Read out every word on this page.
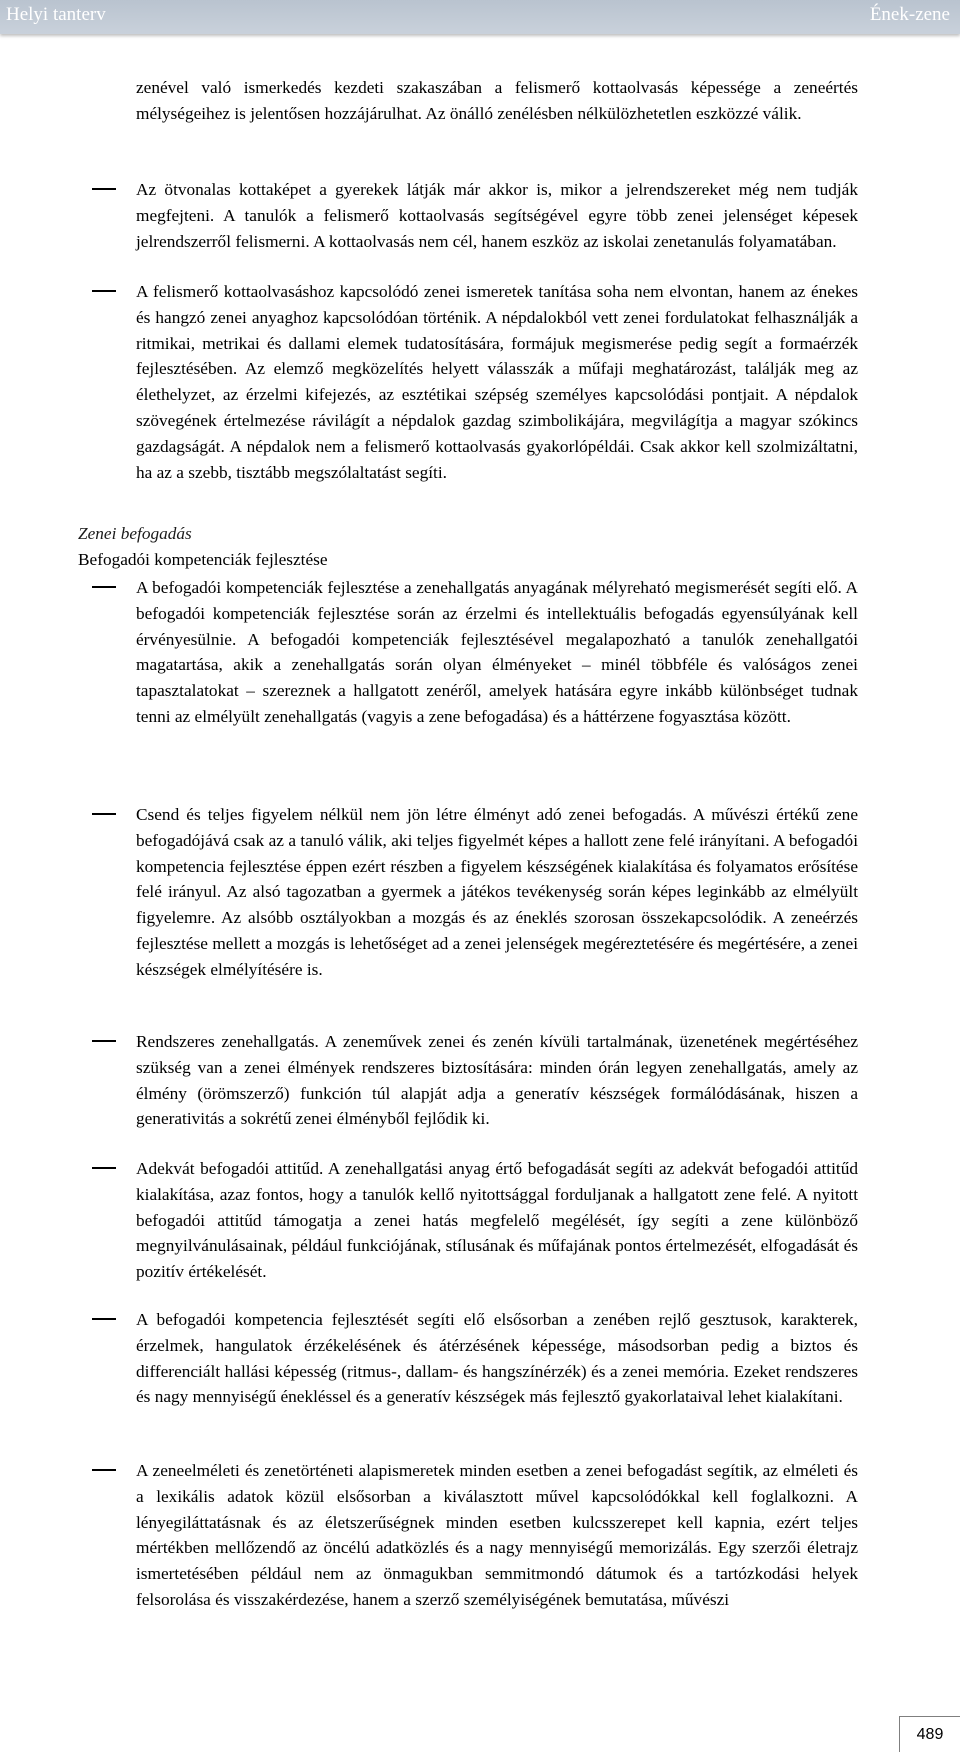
Helyi tanterv	Ének-zene
zenével való ismerkedés kezdeti szakaszában a felismerő kottaolvasás képessége a zeneértés mélységeihez is jelentősen hozzájárulhat. Az önálló zenélésben nélkülözhetetlen eszközzé válik.
Az ötvonalas kottaképet a gyerekek látják már akkor is, mikor a jelrendszereket még nem tudják megfejteni. A tanulók a felismerő kottaolvasás segítségével egyre több zenei jelenséget képesek jelrendszerről felismerni. A kottaolvasás nem cél, hanem eszköz az iskolai zenetanulás folyamatában.
A felismerő kottaolvasáshoz kapcsolódó zenei ismeretek tanítása soha nem elvontan, hanem az énekes és hangzó zenei anyaghoz kapcsolódóan történik. A népdalokból vett zenei fordulatokat felhasználják a ritmikai, metrikai és dallami elemek tudatosítására, formájuk megismerése pedig segít a formaérzék fejlesztésében. Az elemző megközelítés helyett válasszák a műfaji meghatározást, találják meg az élethelyzet, az érzelmi kifejezés, az esztétikai szépség személyes kapcsolódási pontjait. A népdalok szövegének értelmezése rávilágít a népdalok gazdag szimbolikájára, megvilágítja a magyar szókincs gazdagságát. A népdalok nem a felismerő kottaolvasás gyakorlópéldái. Csak akkor kell szolmizáltatni, ha az a szebb, tisztább megszólaltatást segíti.
Zenei befogadás
Befogadói kompetenciák fejlesztése
A befogadói kompetenciák fejlesztése a zenehallgatás anyagának mélyreható megismerését segíti elő. A befogadói kompetenciák fejlesztése során az érzelmi és intellektuális befogadás egyensúlyának kell érvényesülnie. A befogadói kompetenciák fejlesztésével megalapozható a tanulók zenehallgatói magatartása, akik a zenehallgatás során olyan élményeket – minél többféle és valóságos zenei tapasztalatokat – szereznek a hallgatott zenéről, amelyek hatására egyre inkább különbséget tudnak tenni az elmélyült zenehallgatás (vagyis a zene befogadása) és a háttérzene fogyasztása között.
Csend és teljes figyelem nélkül nem jön létre élményt adó zenei befogadás. A művészi értékű zene befogadójává csak az a tanuló válik, aki teljes figyelmét képes a hallott zene felé irányítani. A befogadói kompetencia fejlesztése éppen ezért részben a figyelem készségének kialakítása és folyamatos erősítése felé irányul. Az alsó tagozatban a gyermek a játékos tevékenység során képes leginkább az elmélyült figyelemre. Az alsóbb osztályokban a mozgás és az éneklés szorosan összekapcsolódik. A zeneérzés fejlesztése mellett a mozgás is lehetőséget ad a zenei jelenségek megéreztetésére és megértésére, a zenei készségek elmélyítésére is.
Rendszeres zenehallgatás. A zeneművek zenei és zenén kívüli tartalmának, üzenetének megértéséhez szükség van a zenei élmények rendszeres biztosítására: minden órán legyen zenehallgatás, amely az élmény (örömszerző) funkción túl alapját adja a generatív készségek formálódásának, hiszen a generativitás a sokrétű zenei élményből fejlődik ki.
Adekvát befogadói attitűd. A zenehallgatási anyag értő befogadását segíti az adekvát befogadói attitűd kialakítása, azaz fontos, hogy a tanulók kellő nyitottsággal forduljanak a hallgatott zene felé. A nyitott befogadói attitűd támogatja a zenei hatás megfelelő megélését, így segíti a zene különböző megnyilvánulásainak, például funkciójának, stílusának és műfajának pontos értelmezését, elfogadását és pozitív értékelését.
A befogadói kompetencia fejlesztését segíti elő elsősorban a zenében rejlő gesztusok, karakterek, érzelmek, hangulatok érzékelésének és átérzésének képessége, másodsorban pedig a biztos és differenciált hallási képesség (ritmus-, dallam- és hangszínérzék) és a zenei memória. Ezeket rendszeres és nagy mennyiségű énekléssel és a generatív készségek más fejlesztő gyakorlataival lehet kialakítani.
A zeneelméleti és zenetörténeti alapismeretek minden esetben a zenei befogadást segítik, az elméleti és a lexikális adatok közül elsősorban a kiválasztott művel kapcsolódókkal kell foglalkozni. A lényegiláttatásnak és az életszerűségnek minden esetben kulcsszerepet kell kapnia, ezért teljes mértékben mellőzendő az öncélú adatközlés és a nagy mennyiségű memorizálás. Egy szerzői életrajz ismertetésében például nem az önmagukban semmitmondó dátumok és a tartózkodási helyek felsorolása és visszakérdezése, hanem a szerző személyiségének bemutatása, művészi
489
